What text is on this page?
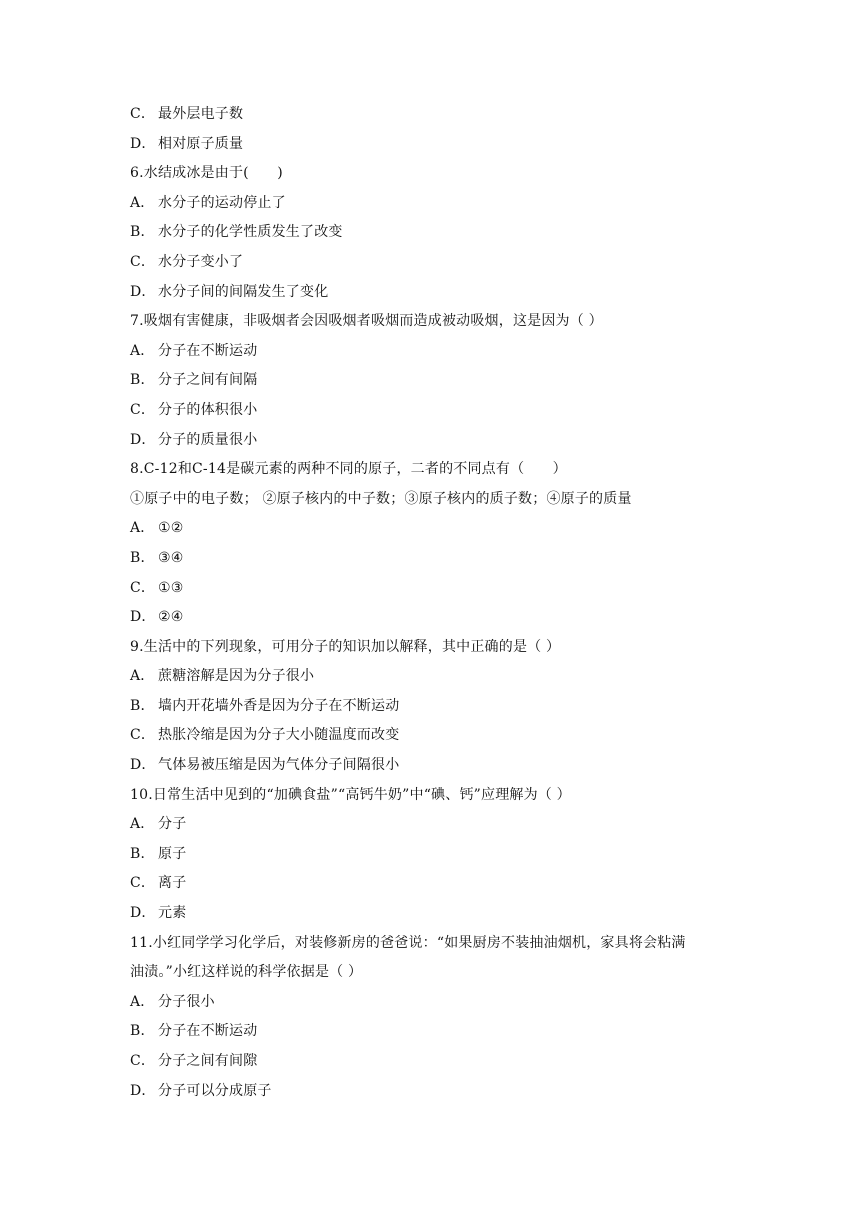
C． 最外层电子数
D． 相对原子质量
6.水结成冰是由于(　　)
A． 水分子的运动停止了
B． 水分子的化学性质发生了改变
C． 水分子变小了
D． 水分子间的间隔发生了变化
7.吸烟有害健康，非吸烟者会因吸烟者吸烟而造成被动吸烟，这是因为（ ）
A． 分子在不断运动
B． 分子之间有间隔
C． 分子的体积很小
D． 分子的质量很小
8.C-12和C-14是碳元素的两种不同的原子，二者的不同点有（　　）
①原子中的电子数； ②原子核内的中子数；③原子核内的质子数；④原子的质量
A． ①②
B． ③④
C． ①③
D． ②④
9.生活中的下列现象，可用分子的知识加以解释，其中正确的是（ ）
A． 蔗糖溶解是因为分子很小
B． 墙内开花墙外香是因为分子在不断运动
C． 热胀冷缩是因为分子大小随温度而改变
D． 气体易被压缩是因为气体分子间隔很小
10.日常生活中见到的“加碘食盐”“高钙牛奶”中“碘、钙”应理解为（ ）
A． 分子
B． 原子
C． 离子
D． 元素
11.小红同学学习化学后，对装修新房的爸爸说：“如果厨房不装抽油烟机，家具将会粘满
油渍。”小红这样说的科学依据是（ ）
A． 分子很小
B． 分子在不断运动
C． 分子之间有间隙
D． 分子可以分成原子
